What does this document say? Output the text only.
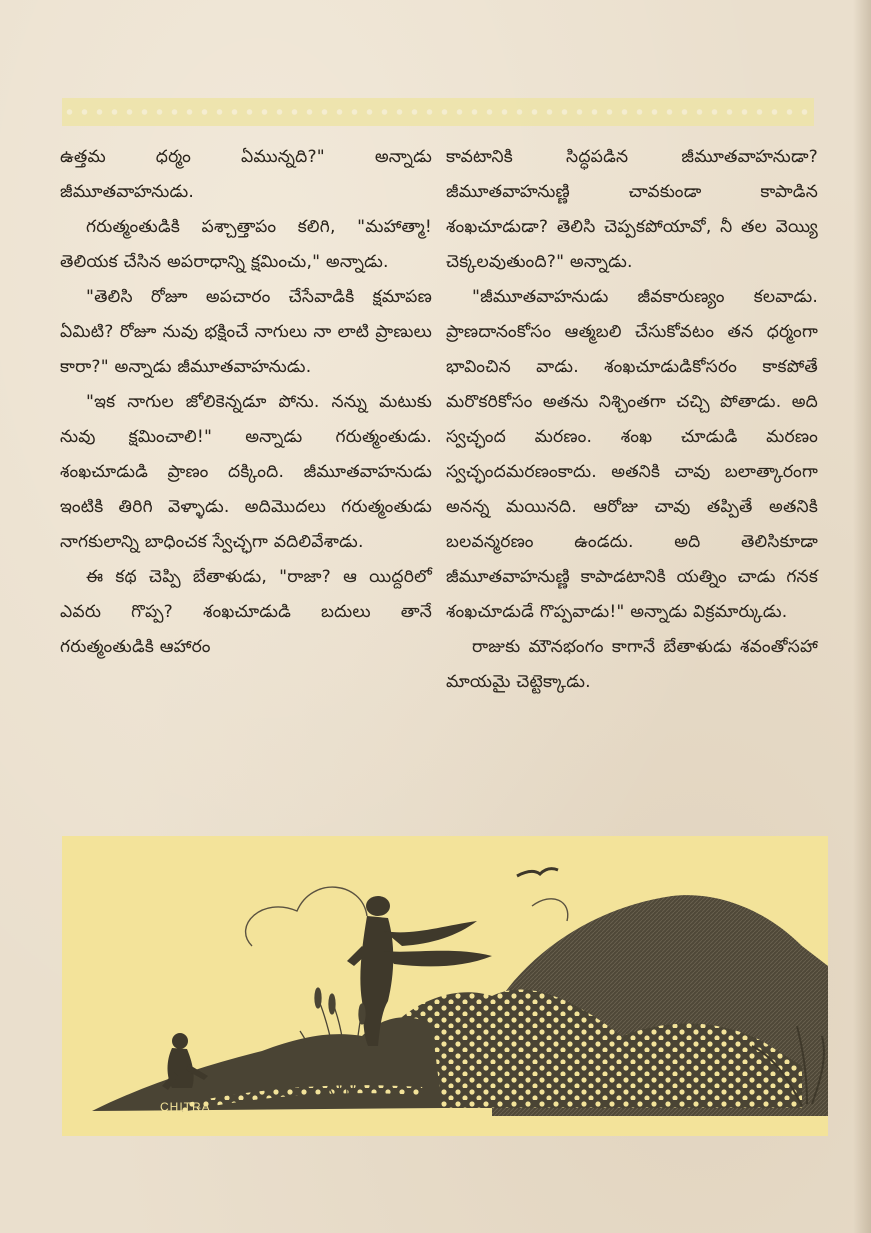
ఉత్తమ ధర్మం ఏమున్నది?" అన్నాడు జీమూతవాహనుడు.

గరుత్మంతుడికి పశ్చాత్తాపం కలిగి, "మహాత్మా! తెలియక చేసిన అపరాధాన్ని క్షమించు," అన్నాడు.

"తెలిసి రోజూ అపచారం చేసేవాడికి క్షమాపణ ఏమిటి? రోజూ నువు భక్షించే నాగులు నా లాటి ప్రాణులు కారా?" అన్నాడు జీమూతవాహనుడు.

"ఇక నాగుల జోలికెన్నడూ పోను. నన్ను మటుకు నువు క్షమించాలి!" అన్నాడు గరుత్మంతుడు. శంఖచూడుడి ప్రాణం దక్కింది. జీమూతవాహనుడు ఇంటికి తిరిగి వెళ్ళాడు. అదిమొదలు గరుత్మంతుడు నాగకులాన్ని బాధించక స్వేచ్ఛగా వదిలివేశాడు.

ఈ కథ చెప్పి బేతాళుడు, "రాజా? ఆ యిద్దరిలో ఎవరు గొప్ప? శంఖచూడుడి బదులు తానే గరుత్మంతుడికి ఆహారం

కావటానికి సిద్ధపడిన జీమూతవాహనుడా? జీమూతవాహనుణ్ణి చావకుండా కాపాడిన శంఖచూడుడా? తెలిసి చెప్పకపోయావో, నీ తల వెయ్యి చెక్కలవుతుంది?" అన్నాడు.

"జీమూతవాహనుడు జీవకారుణ్యం కలవాడు. ప్రాణదానంకోసం ఆత్మబలి చేసుకోవటం తన ధర్మంగా భావించిన వాడు. శంఖచూడుడికోసరం కాకపోతే మరొకరికోసం అతను నిశ్చింతగా చచ్చి పోతాడు. అది స్వచ్ఛంద మరణం. శంఖ చూడుడి మరణం స్వచ్ఛందమరణంకాదు. అతనికి చావు బలాత్కారంగా అనన్న మయినది. ఆరోజు చావు తప్పితే అతనికి బలవన్మరణం ఉండదు. అది తెలిసికూడా జీమూతవాహనుణ్ణి కాపాడటానికి యత్నిం చాడు గనక శంఖచూడుడే గొప్పవాడు!" అన్నాడు విక్రమార్కుడు.

రాజుకు మౌనభంగం కాగానే బేతాళుడు శవంతోసహా మాయమై చెట్టెక్కాడు.

CHITRA
